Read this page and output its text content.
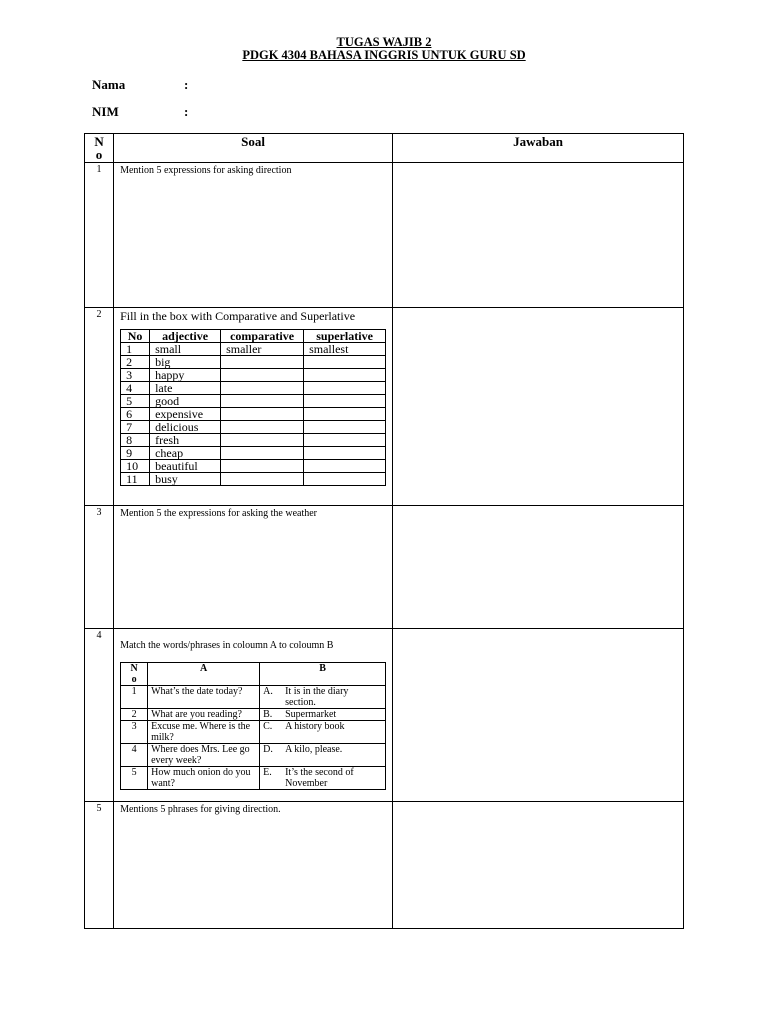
TUGAS WAJIB 2
PDGK 4304 BAHASA INGGRIS UNTUK GURU SD
Nama	:
NIM	:
N
o	Soal	Jawaban
1	Mention 5 expressions for asking direction

2	Fill in the box with Comparative and Superlative
No	adjective	comparative	superlative
1	small	smaller	smallest
2	big		
3	happy		
4	late		
5	good		
6	expensive		
7	delicious		
8	fresh		
9	cheap		
10	beautiful		
11	busy		

3	Mention 5 the expressions for asking the weather

4	
Match the words/phrases in coloumn A to coloumn B
N
o	A	B
1	What’s the date today?	A. It is in the diary section.
2	What are you reading?	B. Supermarket
3	Excuse me. Where is the milk?	C.A history book
4	Where does Mrs. Lee go every week?	D. A kilo, please.
5	How much onion do you want?	E. It’s the second of November

5	Mentions 5 phrases for giving direction.
